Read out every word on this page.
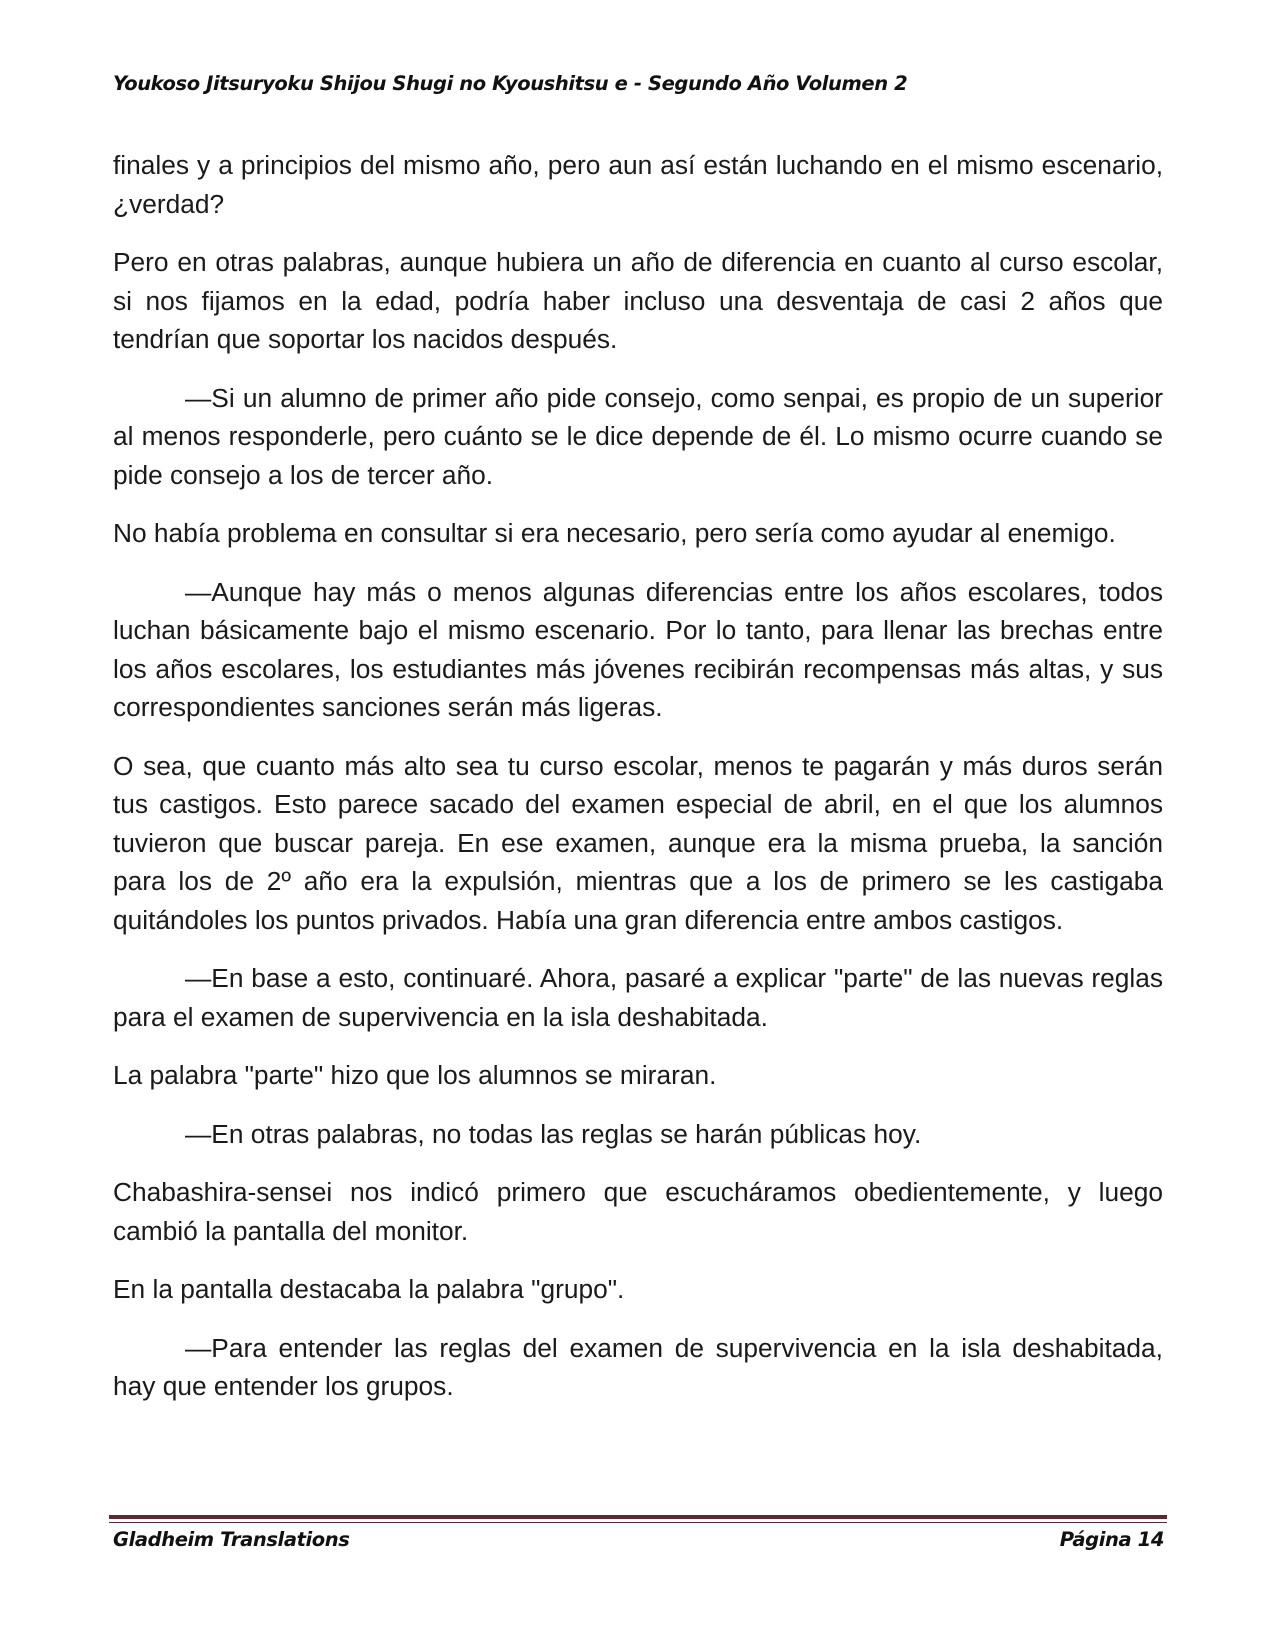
Youkoso Jitsuryoku Shijou Shugi no Kyoushitsu e - Segundo Año Volumen 2

finales y a principios del mismo año, pero aun así están luchando en el mismo escenario, ¿verdad?

Pero en otras palabras, aunque hubiera un año de diferencia en cuanto al curso escolar, si nos fijamos en la edad, podría haber incluso una desventaja de casi 2 años que tendrían que soportar los nacidos después.

—Si un alumno de primer año pide consejo, como senpai, es propio de un superior al menos responderle, pero cuánto se le dice depende de él. Lo mismo ocurre cuando se pide consejo a los de tercer año.

No había problema en consultar si era necesario, pero sería como ayudar al enemigo.

—Aunque hay más o menos algunas diferencias entre los años escolares, todos luchan básicamente bajo el mismo escenario. Por lo tanto, para llenar las brechas entre los años escolares, los estudiantes más jóvenes recibirán recompensas más altas, y sus correspondientes sanciones serán más ligeras.

O sea, que cuanto más alto sea tu curso escolar, menos te pagarán y más duros serán tus castigos. Esto parece sacado del examen especial de abril, en el que los alumnos tuvieron que buscar pareja. En ese examen, aunque era la misma prueba, la sanción para los de 2º año era la expulsión, mientras que a los de primero se les castigaba quitándoles los puntos privados. Había una gran diferencia entre ambos castigos.

—En base a esto, continuaré. Ahora, pasaré a explicar "parte" de las nuevas reglas para el examen de supervivencia en la isla deshabitada.

La palabra "parte" hizo que los alumnos se miraran.

—En otras palabras, no todas las reglas se harán públicas hoy.

Chabashira-sensei nos indicó primero que escucháramos obedientemente, y luego cambió la pantalla del monitor.

En la pantalla destacaba la palabra "grupo".

—Para entender las reglas del examen de supervivencia en la isla deshabitada, hay que entender los grupos.

Gladheim Translations	Página 14
